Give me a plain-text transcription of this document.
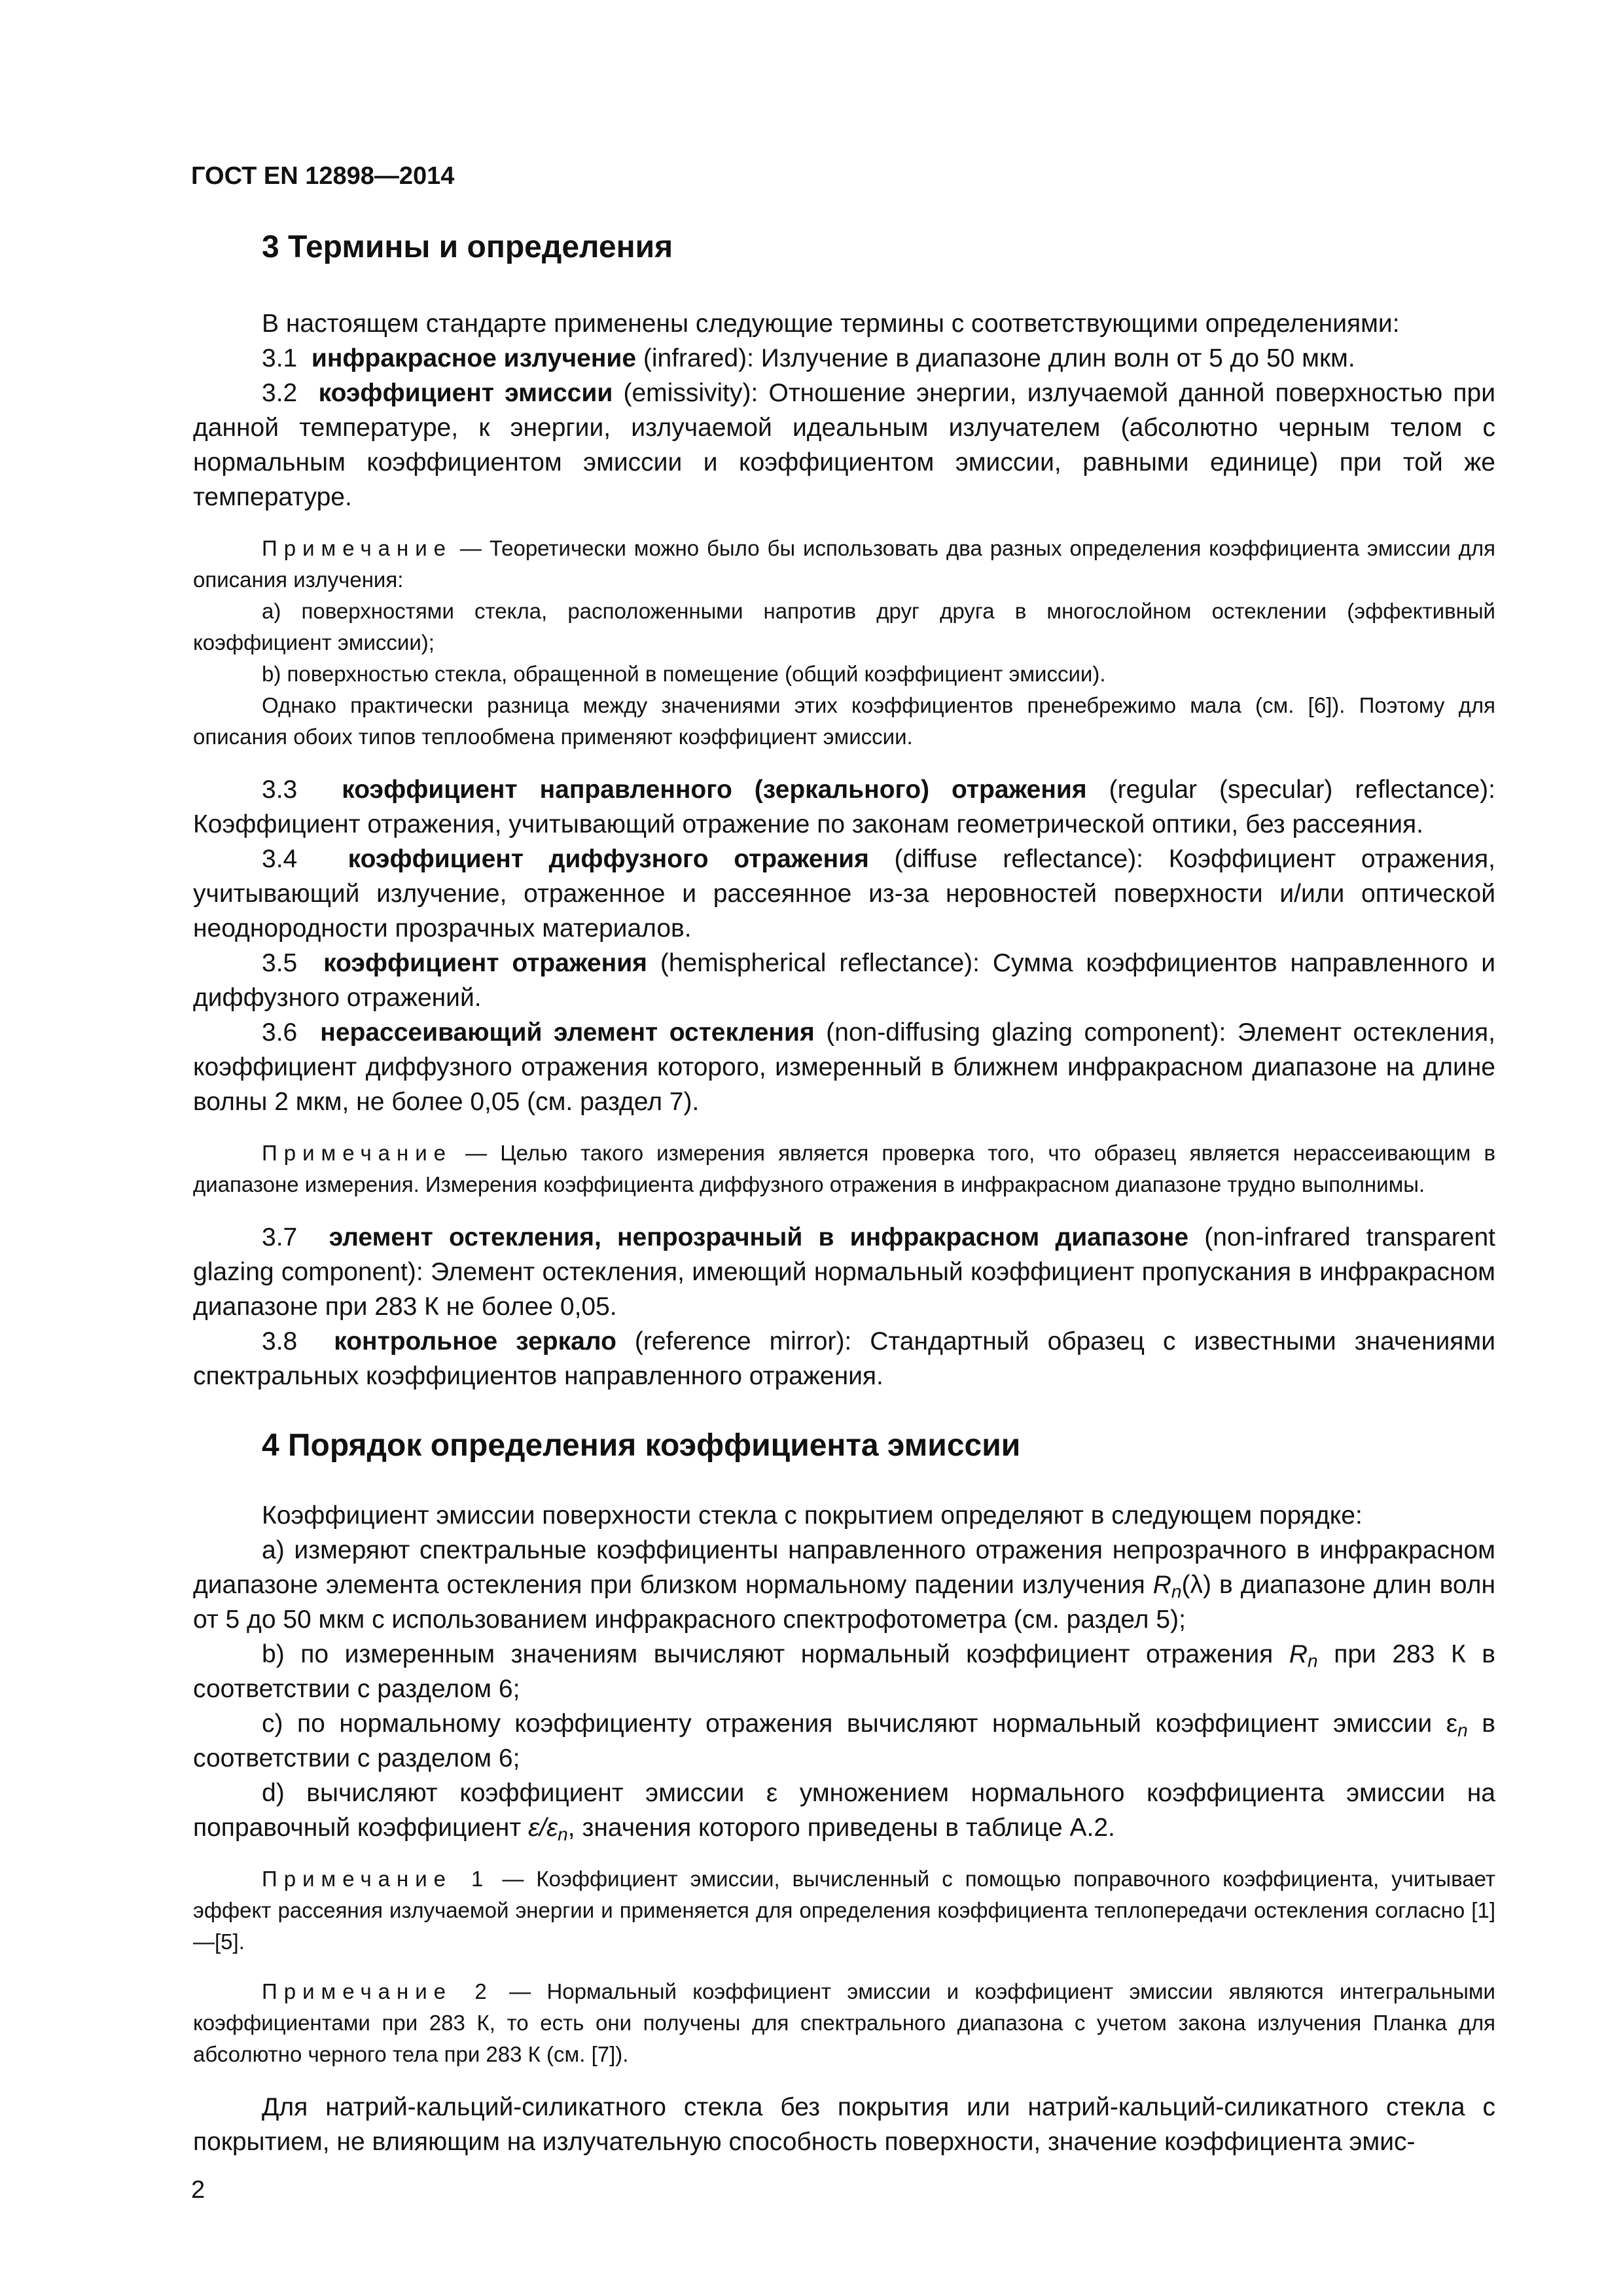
ГОСТ EN 12898—2014
3 Термины и определения

В настоящем стандарте применены следующие термины с соответствующими определениями:

3.1 инфракрасное излучение (infrared): Излучение в диапазоне длин волн от 5 до 50 мкм.

3.2 коэффициент эмиссии (emissivity): Отношение энергии, излучаемой данной поверхностью при данной температуре, к энергии, излучаемой идеальным излучателем (абсолютно черным телом с нормальным коэффициентом эмиссии и коэффициентом эмиссии, равными единице) при той же температуре.

Примечание — Теоретически можно было бы использовать два разных определения коэффициента эмиссии для описания излучения:

a) поверхностями стекла, расположенными напротив друг друга в многослойном остеклении (эффективный коэффициент эмиссии);

b) поверхностью стекла, обращенной в помещение (общий коэффициент эмиссии).

Однако практически разница между значениями этих коэффициентов пренебрежимо мала (см. [6]). Поэтому для описания обоих типов теплообмена применяют коэффициент эмиссии.

3.3 коэффициент направленного (зеркального) отражения (regular (specular) reflectance): Коэффициент отражения, учитывающий отражение по законам геометрической оптики, без рассеяния.

3.4 коэффициент диффузного отражения (diffuse reflectance): Коэффициент отражения, учитывающий излучение, отраженное и рассеянное из-за неровностей поверхности и/или оптической неоднородности прозрачных материалов.

3.5 коэффициент отражения (hemispherical reflectance): Сумма коэффициентов направленного и диффузного отражений.

3.6 нерассеивающий элемент остекления (non-diffusing glazing component): Элемент остекления, коэффициент диффузного отражения которого, измеренный в ближнем инфракрасном диапазоне на длине волны 2 мкм, не более 0,05 (см. раздел 7).

Примечание — Целью такого измерения является проверка того, что образец является нерассеивающим в диапазоне измерения. Измерения коэффициента диффузного отражения в инфракрасном диапазоне трудно выполнимы.

3.7 элемент остекления, непрозрачный в инфракрасном диапазоне (non-infrared transparent glazing component): Элемент остекления, имеющий нормальный коэффициент пропускания в инфракрасном диапазоне при 283 К не более 0,05.

3.8 контрольное зеркало (reference mirror): Стандартный образец с известными значениями спектральных коэффициентов направленного отражения.

4 Порядок определения коэффициента эмиссии

Коэффициент эмиссии поверхности стекла с покрытием определяют в следующем порядке:

a) измеряют спектральные коэффициенты направленного отражения непрозрачного в инфракрасном диапазоне элемента остекления при близком нормальному падении излучения $R_n(\lambda)$ в диапазоне длин волн от 5 до 50 мкм с использованием инфракрасного спектрофотометра (см. раздел 5);

b) по измеренным значениям вычисляют нормальный коэффициент отражения $R_n$ при 283 К в соответствии с разделом 6;

c) по нормальному коэффициенту отражения вычисляют нормальный коэффициент эмиссии $\varepsilon_n$ в соответствии с разделом 6;

d) вычисляют коэффициент эмиссии ε умножением нормального коэффициента эмиссии на поправочный коэффициент $\varepsilon/\varepsilon_n$, значения которого приведены в таблице А.2.

Примечание 1 — Коэффициент эмиссии, вычисленный с помощью поправочного коэффициента, учитывает эффект рассеяния излучаемой энергии и применяется для определения коэффициента теплопередачи остекления согласно [1]—[5].

Примечание 2 — Нормальный коэффициент эмиссии и коэффициент эмиссии являются интегральными коэффициентами при 283 К, то есть они получены для спектрального диапазона с учетом закона излучения Планка для абсолютно черного тела при 283 К (см. [7]).

Для натрий-кальций-силикатного стекла без покрытия или натрий-кальций-силикатного стекла с покрытием, не влияющим на излучательную способность поверхности, значение коэффициента эмис-

2
